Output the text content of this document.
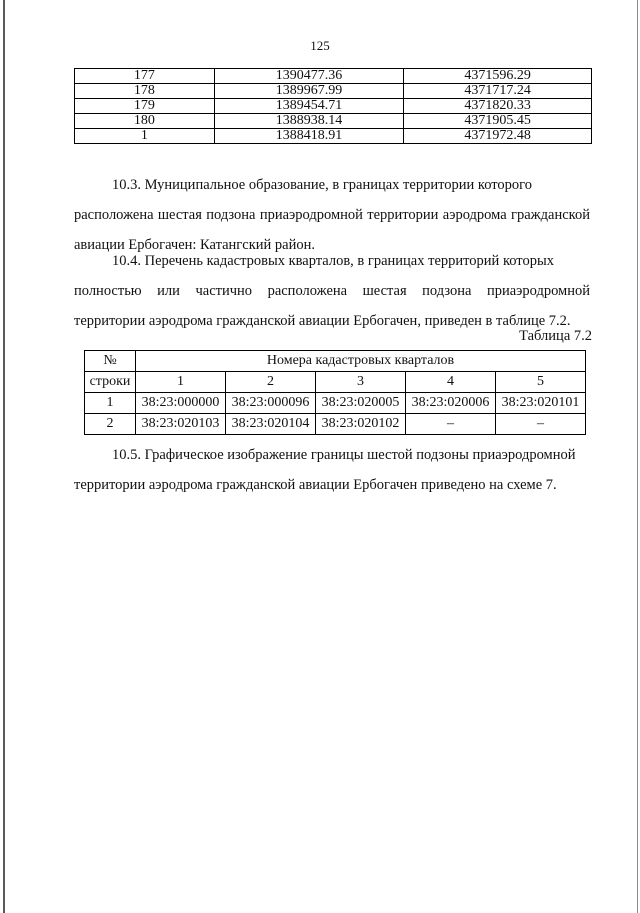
125
177	1390477.36	4371596.29
178	1389967.99	4371717.24
179	1389454.71	4371820.33
180	1388938.14	4371905.45
1	1388418.91	4371972.48
10.3. Муниципальное образование, в границах территории которого
расположена шестая подзона приаэродромной территории аэродрома гражданской авиации Ербогачен: Катангский район.
10.4. Перечень кадастровых кварталов, в границах территорий которых
полностью или частично расположена шестая подзона приаэродромной территории аэродрома гражданской авиации Ербогачен, приведен в таблице 7.2.
Таблица 7.2
№	Номера кадастровых кварталов				
строки	1	2	3	4	5
1	38:23:000000	38:23:000096	38:23:020005	38:23:020006	38:23:020101
2	38:23:020103	38:23:020104	38:23:020102	–	–
10.5. Графическое изображение границы шестой подзоны приаэродромной
территории аэродрома гражданской авиации Ербогачен приведено на схеме 7.
